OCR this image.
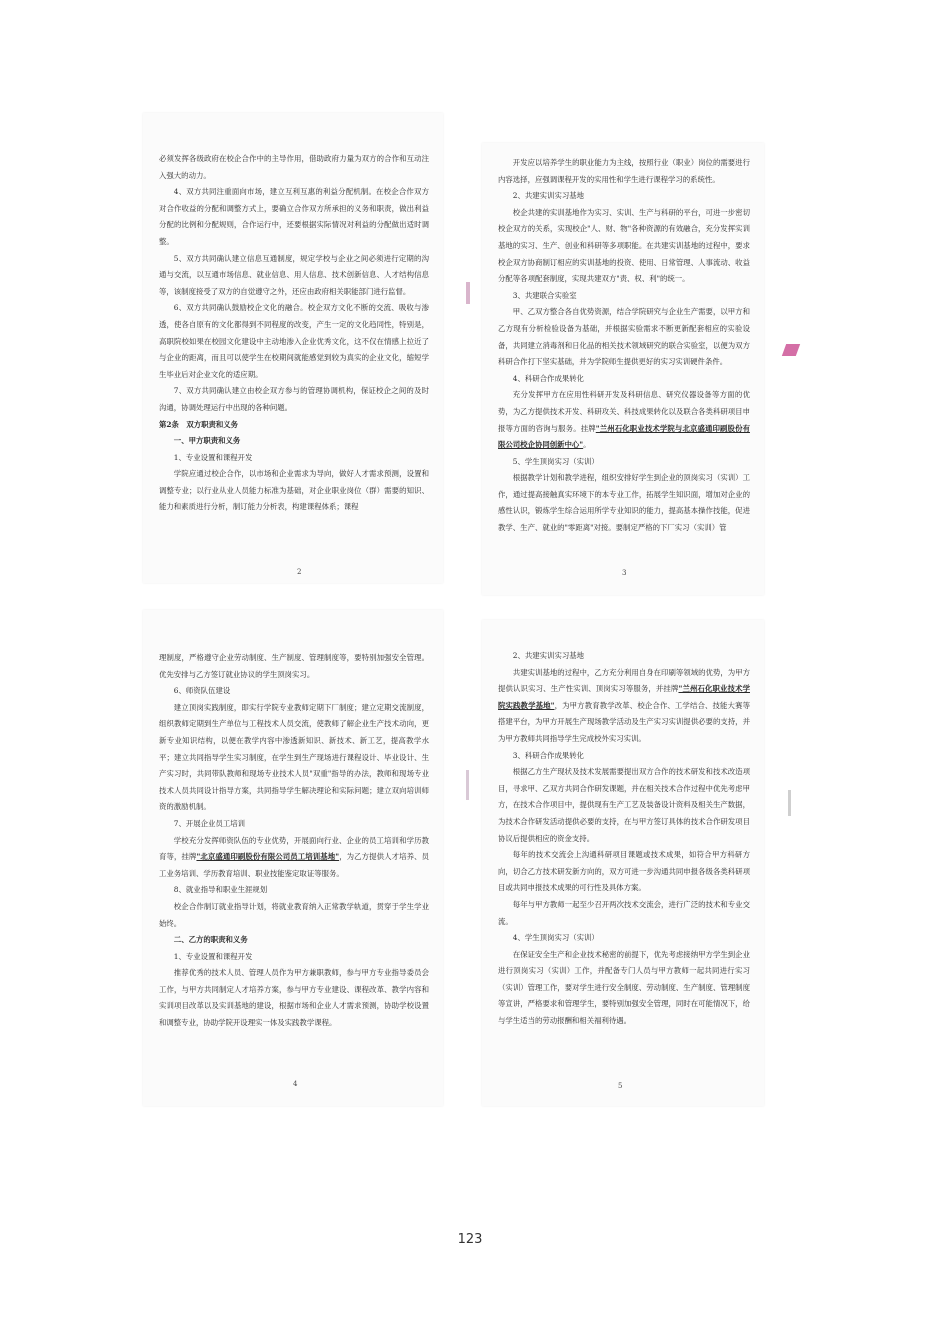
必须发挥各级政府在校企合作中的主导作用，借助政府力量为双方的合作和互动注入强大的动力。

4、双方共同注重面向市场，建立互利互惠的利益分配机制。在校企合作双方对合作收益的分配和调整方式上，要确立合作双方所承担的义务和职责，做出利益分配的比例和分配规则，合作运行中，还要根据实际情况对利益的分配做出适时调整。

5、双方共同确认建立信息互通制度，规定学校与企业之间必须进行定期的沟通与交流，以互通市场信息、就业信息、用人信息、技术创新信息、人才结构信息等，该制度接受了双方的自觉遵守之外，还应由政府相关职能部门进行监督。

6、双方共同确认鼓励校企文化的融合。校企双方文化不断的交流、吸收与渗透，使各自原有的文化都得到不同程度的改变，产生一定的文化趋同性，特别是，高职院校如果在校园文化建设中主动地渗入企业优秀文化，这不仅在情感上拉近了与企业的距离，而且可以使学生在校期间就能感觉到较为真实的企业文化，缩短学生毕业后对企业文化的适应期。

7、双方共同确认建立由校企双方参与的管理协调机构，保证校企之间的及时沟通，协调处理运行中出现的各种问题。

第2条　双方职责和义务

一、甲方职责和义务

1、专业设置和课程开发

学院应通过校企合作，以市场和企业需求为导向，做好人才需求预测，设置和调整专业；以行业从业人员能力标准为基础，对企业职业岗位（群）需要的知识、能力和素质进行分析，制订能力分析表，构建课程体系；课程

2

开发应以培养学生的职业能力为主线，按照行业（职业）岗位的需要进行内容选择，应强调课程开发的实用性和学生进行课程学习的系统性。

2、共建实训实习基地

校企共建的实训基地作为实习、实训、生产与科研的平台，可进一步密切校企双方的关系，实现校企"人、财、物"各种资源的有效融合，充分发挥实训基地的实习、生产、创业和科研等多项职能。在共建实训基地的过程中，要求校企双方协商制订相应的实训基地的投资、使用、日常管理、人事流动、收益分配等各项配套制度，实现共建双方"责、权、利"的统一。

3、共建联合实验室

甲、乙双方整合各自优势资源，结合学院研究与企业生产需要，以甲方和乙方现有分析检验设备为基础，并根据实验需求不断更新配套相应的实验设备，共同建立消毒剂和日化品的相关技术领域研究的联合实验室，以便为双方科研合作打下坚实基础，并为学院师生提供更好的实习实训硬件条件。

4、科研合作成果转化

充分发挥甲方在应用性科研开发及科研信息、研究仪器设备等方面的优势，为乙方提供技术开发、科研攻关、科技成果转化以及联合各类科研项目申报等方面的咨询与服务。挂牌"兰州石化职业技术学院与北京盛通印刷股份有限公司校企协同创新中心"。

5、学生顶岗实习（实训）

根据教学计划和教学进程，组织安排好学生到企业的顶岗实习（实训）工作，通过提高接触真实环境下的本专业工作，拓展学生知识面，增加对企业的感性认识，锻炼学生综合运用所学专业知识的能力，提高基本操作技能，促进教学、生产、就业的"零距离"对接。要制定严格的下厂实习（实训）管

3

理制度，严格遵守企业劳动制度、生产制度、管理制度等，要特别加强安全管理。优先安排与乙方签订就业协议的学生顶岗实习。

6、师资队伍建设

建立顶岗实践制度，即实行学院专业教师定期下厂制度；建立定期交流制度，组织教师定期到生产单位与工程技术人员交流，使教师了解企业生产技术动向，更新专业知识结构，以便在教学内容中渗透新知识、新技术、新工艺，提高教学水平；建立共同指导学生实习制度，在学生到生产现场进行课程设计、毕业设计、生产实习时，共同带队教师和现场专业技术人员"双重"指导的办法，教师和现场专业技术人员共同设计指导方案，共同指导学生解决理论和实际问题；建立双向培训师资的激励机制。

7、开展企业员工培训

学校充分发挥师资队伍的专业优势，开展面向行业、企业的员工培训和学历教育等，挂牌"北京盛通印刷股份有限公司员工培训基地"，为乙方提供人才培养、员工业务培训、学历教育培训、职业技能鉴定取证等服务。

8、就业指导和职业生涯规划

校企合作制订就业指导计划，将就业教育纳入正常教学轨道，贯穿于学生学业始终。

二、乙方的职责和义务

1、专业设置和课程开发

推荐优秀的技术人员、管理人员作为甲方兼职教师，参与甲方专业指导委员会工作，与甲方共同制定人才培养方案，参与甲方专业建设、课程改革、教学内容和实训项目改革以及实训基地的建设，根据市场和企业人才需求预测，协助学校设置和调整专业，协助学院开设理实一体及实践教学课程。

4

2、共建实训实习基地

共建实训基地的过程中，乙方充分利用自身在印刷等领域的优势，为甲方提供认识实习、生产性实训、顶岗实习等服务，并挂牌"兰州石化职业技术学院实践教学基地"，为甲方教育教学改革、校企合作、工学结合、技能大赛等搭建平台，为甲方开展生产现场教学活动及生产实习实训提供必要的支持，并为甲方教师共同指导学生完成校外实习实训。

3、科研合作成果转化

根据乙方生产现状及技术发展需要提出双方合作的技术研发和技术改造项目，寻求甲、乙双方共同合作研发课题，并在相关技术合作过程中优先考虑甲方，在技术合作项目中，提供现有生产工艺及装备设计资料及相关生产数据，为技术合作研发活动提供必要的支持，在与甲方签订具体的技术合作研发项目协议后提供相应的资金支持。

每年的技术交流会上沟通科研项目课题或技术成果，如符合甲方科研方向，切合乙方技术研发新方向的，双方可进一步沟通共同申报各级各类科研项目或共同申报技术成果的可行性及具体方案。

每年与甲方教师一起至少召开两次技术交流会，进行广泛的技术和专业交流。

4、学生顶岗实习（实训）

在保证安全生产和企业技术秘密的前提下，优先考虑接纳甲方学生到企业进行顶岗实习（实训）工作，并配备专门人员与甲方教师一起共同进行实习（实训）管理工作，要对学生进行安全制度、劳动制度、生产制度、管理制度等宣讲，严格要求和管理学生，要特别加强安全管理，同时在可能情况下，给与学生适当的劳动报酬和相关福利待遇。

5
123
